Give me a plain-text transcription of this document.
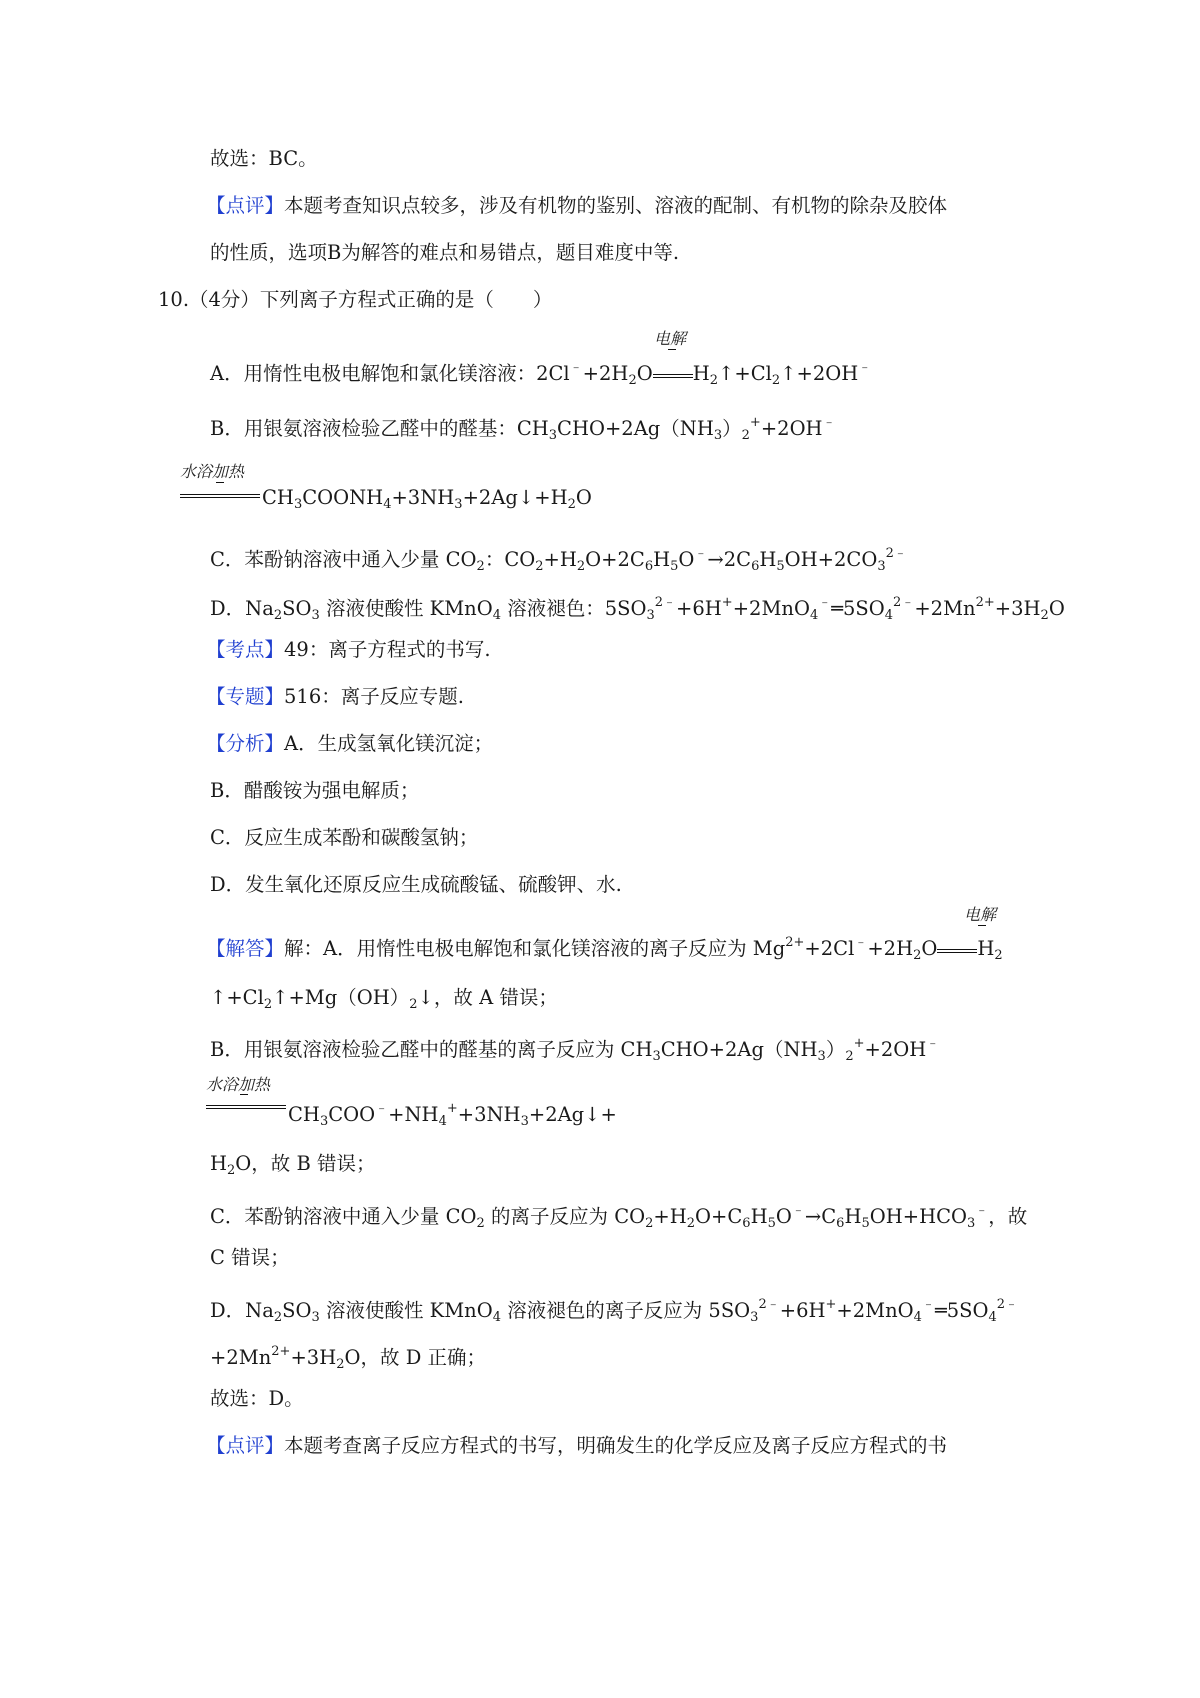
故选：BC。
【点评】本题考查知识点较多，涉及有机物的鉴别、溶液的配制、有机物的除杂及胶体
的性质，选项B为解答的难点和易错点，题目难度中等.
10.（4分）下列离子方程式正确的是（　　）
电解
A．用惰性电极电解饱和氯化镁溶液：$2Cl^﹣+2H_2O$ $H_2↑+Cl_2↑+2OH^﹣$
B．用银氨溶液检验乙醛中的醛基：$CH_3CHO+2Ag(NH_3)_2^++2OH^﹣$
水浴加热
$CH_3COONH_4+3NH_3+2Ag↓+H_2O$
C．苯酚钠溶液中通入少量 $CO_2$：$CO_2+H_2O+2C_6H_5O^﹣\to 2C_6H_5OH+2CO_3^{2﹣}$
D．$Na_2SO_3$ 溶液使酸性 KMnO$_4$ 溶液褪色：$5SO_3^{2﹣}+6H^++2MnO_4^﹣═5SO_4^{2﹣}+2Mn^{2+}+3H_2O$
【考点】49：离子方程式的书写.
【专题】516：离子反应专题.
【分析】A．生成氢氧化镁沉淀；
B．醋酸铵为强电解质；
C．反应生成苯酚和碳酸氢钠；
D．发生氧化还原反应生成硫酸锰、硫酸钾、水.
电解
【解答】解：A．用惰性电极电解饱和氯化镁溶液的离子反应为 $Mg^{2+}+2Cl^﹣+2H_2O$ $H_2$
$↑+Cl_2↑+Mg(OH)_2↓$，故 A 错误；
B．用银氨溶液检验乙醛中的醛基的离子反应为 $CH_3CHO+2Ag(NH_3)_2^++2OH^﹣$
水浴加热
$CH_3COO^﹣+NH_4^++3NH_3+2Ag↓+$
$H_2O$，故 B 错误；
C．苯酚钠溶液中通入少量 $CO_2$ 的离子反应为 $CO_2+H_2O+C_6H_5O^﹣\to C_6H_5OH+HCO_3^﹣$，故
C 错误；
D．$Na_2SO_3$ 溶液使酸性 KMnO$_4$ 溶液褪色的离子反应为 $5SO_3^{2﹣}+6H^++2MnO_4^﹣═5SO_4^{2﹣}$
$+2Mn^{2+}+3H_2O$，故 D 正确；
故选：D。
【点评】本题考查离子反应方程式的书写，明确发生的化学反应及离子反应方程式的书
